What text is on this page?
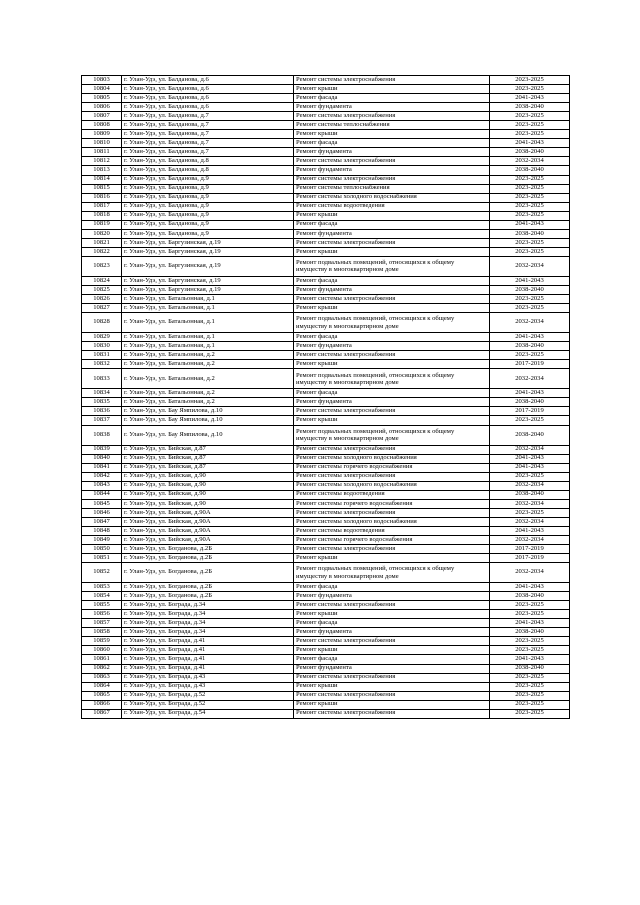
10803	г. Улан-Удэ, ул. Балданова, д.6	Ремонт системы электроснабжения	2023-2025
10804	г. Улан-Удэ, ул. Балданова, д.6	Ремонт крыши	2023-2025
10805	г. Улан-Удэ, ул. Балданова, д.6	Ремонт фасада	2041-2043
10806	г. Улан-Удэ, ул. Балданова, д.6	Ремонт фундамента	2038-2040
10807	г. Улан-Удэ, ул. Балданова, д.7	Ремонт системы электроснабжения	2023-2025
10808	г. Улан-Удэ, ул. Балданова, д.7	Ремонт системы теплоснабжения	2023-2025
10809	г. Улан-Удэ, ул. Балданова, д.7	Ремонт крыши	2023-2025
10810	г. Улан-Удэ, ул. Балданова, д.7	Ремонт фасада	2041-2043
10811	г. Улан-Удэ, ул. Балданова, д.7	Ремонт фундамента	2038-2040
10812	г. Улан-Удэ, ул. Балданова, д.8	Ремонт системы электроснабжения	2032-2034
10813	г. Улан-Удэ, ул. Балданова, д.8	Ремонт фундамента	2038-2040
10814	г. Улан-Удэ, ул. Балданова, д.9	Ремонт системы электроснабжения	2023-2025
10815	г. Улан-Удэ, ул. Балданова, д.9	Ремонт системы теплоснабжения	2023-2025
10816	г. Улан-Удэ, ул. Балданова, д.9	Ремонт системы холодного водоснабжения	2023-2025
10817	г. Улан-Удэ, ул. Балданова, д.9	Ремонт системы водоотведения	2023-2025
10818	г. Улан-Удэ, ул. Балданова, д.9	Ремонт крыши	2023-2025
10819	г. Улан-Удэ, ул. Балданова, д.9	Ремонт фасада	2041-2043
10820	г. Улан-Удэ, ул. Балданова, д.9	Ремонт фундамента	2038-2040
10821	г. Улан-Удэ, ул. Баргузинская, д.19	Ремонт системы электроснабжения	2023-2025
10822	г. Улан-Удэ, ул. Баргузинская, д.19	Ремонт крыши	2023-2025
10823	г. Улан-Удэ, ул. Баргузинская, д.19	Ремонт подвальных помещений, относящихся к общему имуществу в многоквартирном доме	2032-2034
10824	г. Улан-Удэ, ул. Баргузинская, д.19	Ремонт фасада	2041-2043
10825	г. Улан-Удэ, ул. Баргузинская, д.19	Ремонт фундамента	2038-2040
10826	г. Улан-Удэ, ул. Батальонная, д.1	Ремонт системы электроснабжения	2023-2025
10827	г. Улан-Удэ, ул. Батальонная, д.1	Ремонт крыши	2023-2025
10828	г. Улан-Удэ, ул. Батальонная, д.1	Ремонт подвальных помещений, относящихся к общему имуществу в многоквартирном доме	2032-2034
10829	г. Улан-Удэ, ул. Батальонная, д.1	Ремонт фасада	2041-2043
10830	г. Улан-Удэ, ул. Батальонная, д.1	Ремонт фундамента	2038-2040
10831	г. Улан-Удэ, ул. Батальонная, д.2	Ремонт системы электроснабжения	2023-2025
10832	г. Улан-Удэ, ул. Батальонная, д.2	Ремонт крыши	2017-2019
10833	г. Улан-Удэ, ул. Батальонная, д.2	Ремонт подвальных помещений, относящихся к общему имуществу в многоквартирном доме	2032-2034
10834	г. Улан-Удэ, ул. Батальонная, д.2	Ремонт фасада	2041-2043
10835	г. Улан-Удэ, ул. Батальонная, д.2	Ремонт фундамента	2038-2040
10836	г. Улан-Удэ, ул. Бау Ямпилова, д.10	Ремонт системы электроснабжения	2017-2019
10837	г. Улан-Удэ, ул. Бау Ямпилова, д.10	Ремонт крыши	2023-2025
10838	г. Улан-Удэ, ул. Бау Ямпилова, д.10	Ремонт подвальных помещений, относящихся к общему имуществу в многоквартирном доме	2038-2040
10839	г. Улан-Удэ, ул. Бийская, д.87	Ремонт системы электроснабжения	2032-2034
10840	г. Улан-Удэ, ул. Бийская, д.87	Ремонт системы холодного водоснабжения	2041-2043
10841	г. Улан-Удэ, ул. Бийская, д.87	Ремонт системы горячего водоснабжения	2041-2043
10842	г. Улан-Удэ, ул. Бийская, д.90	Ремонт системы электроснабжения	2023-2025
10843	г. Улан-Удэ, ул. Бийская, д.90	Ремонт системы холодного водоснабжения	2032-2034
10844	г. Улан-Удэ, ул. Бийская, д.90	Ремонт системы водоотведения	2038-2040
10845	г. Улан-Удэ, ул. Бийская, д.90	Ремонт системы горячего водоснабжения	2032-2034
10846	г. Улан-Удэ, ул. Бийская, д.90А	Ремонт системы электроснабжения	2023-2025
10847	г. Улан-Удэ, ул. Бийская, д.90А	Ремонт системы холодного водоснабжения	2032-2034
10848	г. Улан-Удэ, ул. Бийская, д.90А	Ремонт системы водоотведения	2041-2043
10849	г. Улан-Удэ, ул. Бийская, д.90А	Ремонт системы горячего водоснабжения	2032-2034
10850	г. Улан-Удэ, ул. Богданова, д.2Б	Ремонт системы электроснабжения	2017-2019
10851	г. Улан-Удэ, ул. Богданова, д.2Б	Ремонт крыши	2017-2019
10852	г. Улан-Удэ, ул. Богданова, д.2Б	Ремонт подвальных помещений, относящихся к общему имуществу в многоквартирном доме	2032-2034
10853	г. Улан-Удэ, ул. Богданова, д.2Б	Ремонт фасада	2041-2043
10854	г. Улан-Удэ, ул. Богданова, д.2Б	Ремонт фундамента	2038-2040
10855	г. Улан-Удэ, ул. Бограда, д.34	Ремонт системы электроснабжения	2023-2025
10856	г. Улан-Удэ, ул. Бограда, д.34	Ремонт крыши	2023-2025
10857	г. Улан-Удэ, ул. Бограда, д.34	Ремонт фасада	2041-2043
10858	г. Улан-Удэ, ул. Бограда, д.34	Ремонт фундамента	2038-2040
10859	г. Улан-Удэ, ул. Бограда, д.41	Ремонт системы электроснабжения	2023-2025
10860	г. Улан-Удэ, ул. Бограда, д.41	Ремонт крыши	2023-2025
10861	г. Улан-Удэ, ул. Бограда, д.41	Ремонт фасада	2041-2043
10862	г. Улан-Удэ, ул. Бограда, д.41	Ремонт фундамента	2038-2040
10863	г. Улан-Удэ, ул. Бограда, д.43	Ремонт системы электроснабжения	2023-2025
10864	г. Улан-Удэ, ул. Бограда, д.43	Ремонт крыши	2023-2025
10865	г. Улан-Удэ, ул. Бограда, д.52	Ремонт системы электроснабжения	2023-2025
10866	г. Улан-Удэ, ул. Бограда, д.52	Ремонт крыши	2023-2025
10867	г. Улан-Удэ, ул. Бограда, д.54	Ремонт системы электроснабжения	2023-2025
